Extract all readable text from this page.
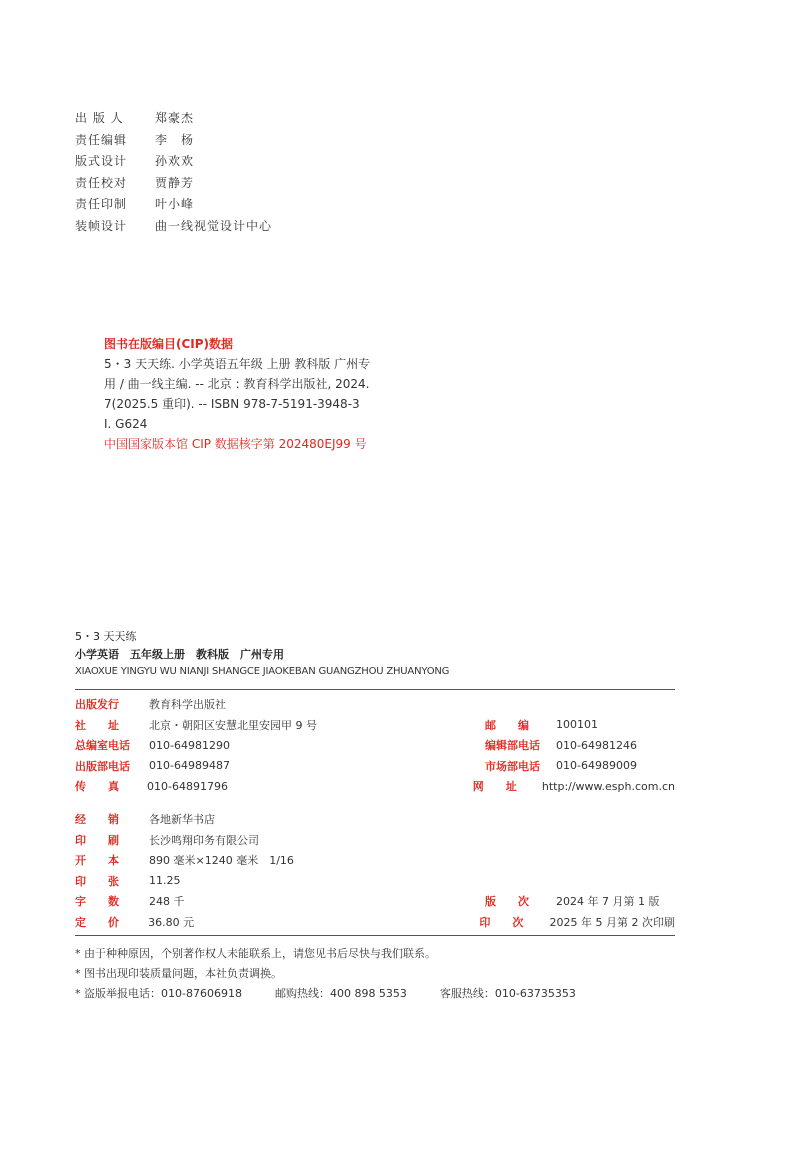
出 版 人	郑豪杰
责任编辑	李　杨
版式设计	孙欢欢
责任校对	贾静芳
责任印制	叶小峰
装帧设计	曲一线视觉设计中心
图书在版编目(CIP)数据
5・3 天天练. 小学英语五年级 上册 教科版 广州专
用 / 曲一线主编. -- 北京 : 教育科学出版社, 2024.
7(2025.5 重印). -- ISBN 978-7-5191-3948-3
Ⅰ. G624
中国国家版本馆 CIP 数据核字第 202480EJ99 号
5・3 天天练
小学英语　五年级上册　教科版　广州专用
XIAOXUE YINGYU WU NIANJI SHANGCE JIAOKEBAN GUANGZHOU ZHUANYONG
出版发行	教育科学出版社
社　　址	北京・朝阳区安慧北里安园甲 9 号	邮　　编	100101
总编室电话	010-64981290	编辑部电话	010-64981246
出版部电话	010-64989487	市场部电话	010-64989009
传　　真	010-64891796	网　　址	http://www.esph.com.cn
经　　销	各地新华书店
印　　刷	长沙鸣翔印务有限公司
开　　本	890 毫米×1240 毫米　1/16
印　　张	11.25
字　　数	248 千	版　　次	2024 年 7 月第 1 版
定　　价	36.80 元	印　　次	2025 年 5 月第 2 次印刷
* 由于种种原因，个别著作权人未能联系上，请您见书后尽快与我们联系。
* 图书出现印装质量问题，本社负责调换。
* 盗版举报电话：010-87606918　　　邮购热线：400 898 5353　　　客服热线：010-63735353
